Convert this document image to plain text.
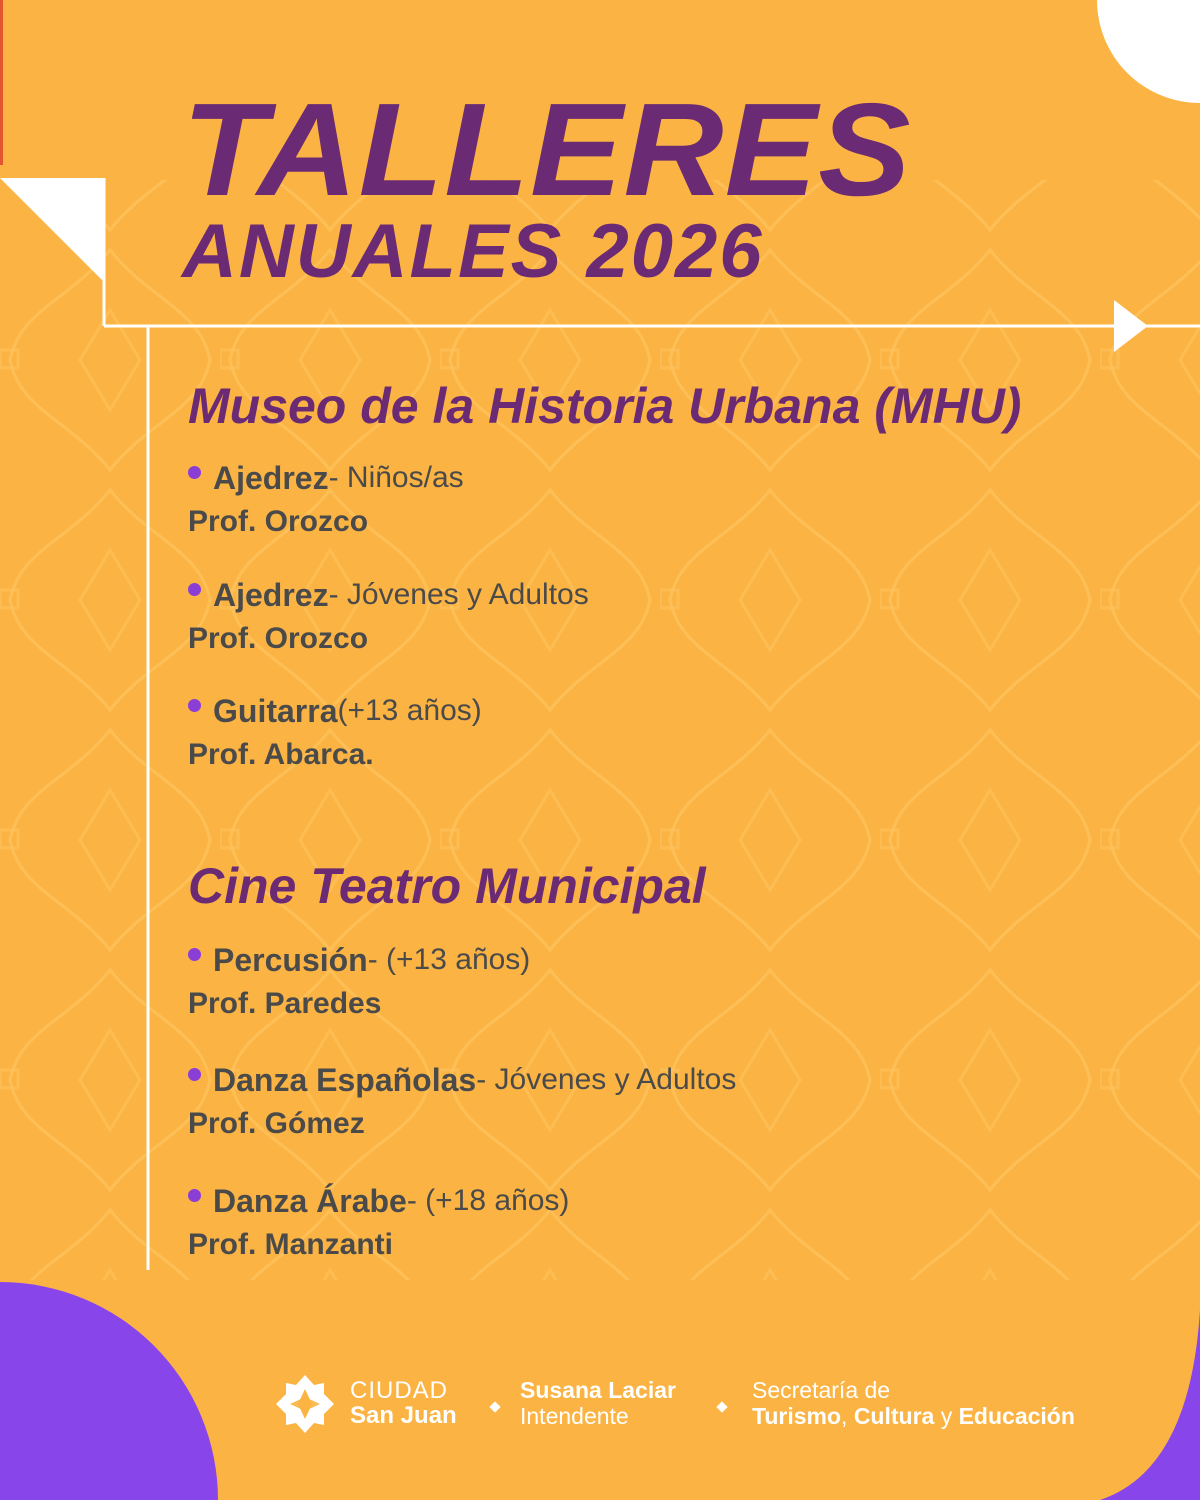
TALLERES
ANUALES 2026
Museo de la Historia Urbana (MHU)
Ajedrez - Niños/as
Prof. Orozco
Ajedrez - Jóvenes y Adultos
Prof. Orozco
Guitarra (+13 años)
Prof. Abarca.
Cine Teatro Municipal
Percusión - (+13 años)
Prof. Paredes
Danza Españolas - Jóvenes y Adultos
Prof. Gómez
Danza Árabe - (+18 años)
Prof. Manzanti
CIUDAD
San Juan
Susana Laciar
Intendente
Secretaría de
Turismo, Cultura y Educación
